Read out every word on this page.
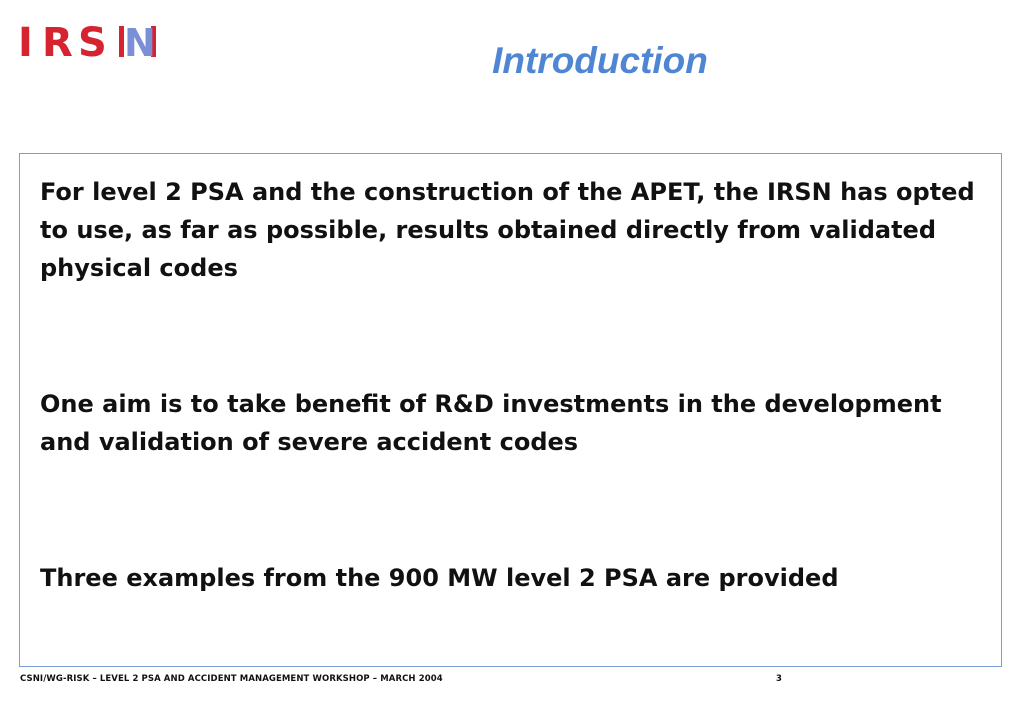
I R S N	Introduction

For level 2 PSA and the construction of the APET, the IRSN has opted to use, as far as possible, results obtained directly from validated physical codes

One aim is to take benefit of R&D investments in the development and validation of severe accident codes

Three examples from the 900 MW level 2 PSA are provided

CSNI/WG-RISK – LEVEL 2 PSA AND ACCIDENT MANAGEMENT WORKSHOP – MARCH 2004	3
